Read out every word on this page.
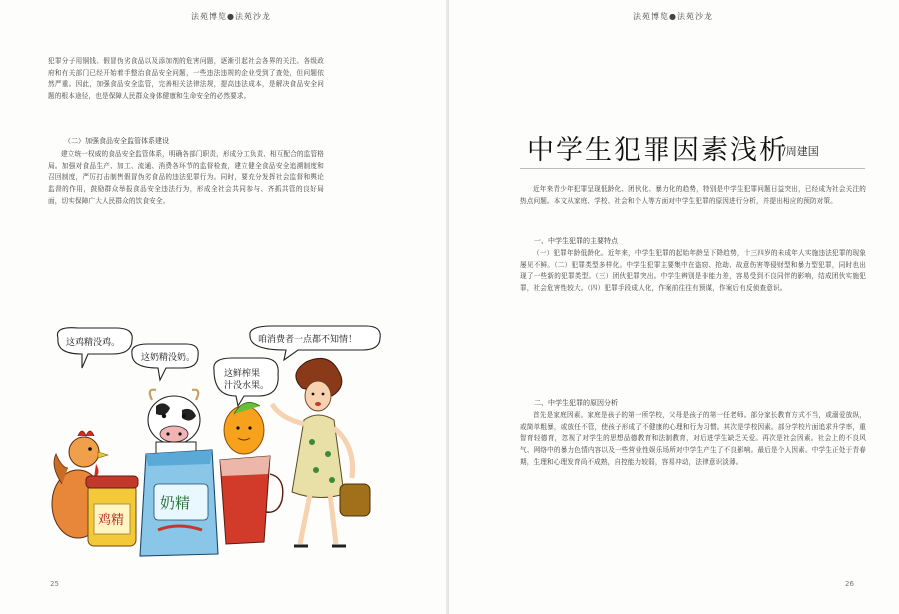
法苑博览●法苑沙龙
犯罪分子用铜钱、假冒伪劣食品以及添加剂的危害问题，逐渐引起社会各界的关注。各级政府和有关部门已经开始着手整治食品安全问题，一些违法违规的企业受到了查处，但问题依然严重。因此，加强食品安全监管，完善相关法律法规，提高违法成本，是解决食品安全问题的根本途径，也是保障人民群众身体健康和生命安全的必然要求。
（二）加强食品安全监管体系建设
建立统一权威的食品安全监管体系，明确各部门职责，形成分工负责、相互配合的监管格局。加强对食品生产、加工、流通、消费各环节的监督检查，建立健全食品安全追溯制度和召回制度，严厉打击制售假冒伪劣食品的违法犯罪行为。同时，要充分发挥社会监督和舆论监督的作用，鼓励群众举报食品安全违法行为，形成全社会共同参与、齐抓共管的良好局面，切实保障广大人民群众的饮食安全。
这鸡精没鸡。
这奶精没奶。
这鲜榨果
汁没水果。
咱消费者一点都不知情！
鸡精
奶精
25
法苑博览●法苑沙龙
26
中学生犯罪因素浅析
/周建国
近年来青少年犯罪呈现低龄化、团伙化、暴力化的趋势，特别是中学生犯罪问题日益突出，已经成为社会关注的热点问题。本文从家庭、学校、社会和个人等方面对中学生犯罪的原因进行分析，并提出相应的预防对策。
一、中学生犯罪的主要特点
（一）犯罪年龄低龄化。近年来，中学生犯罪的起始年龄呈下降趋势，十三四岁的未成年人实施违法犯罪的现象屡见不鲜。（二）犯罪类型多样化。中学生犯罪主要集中在盗窃、抢劫、故意伤害等侵财型和暴力型犯罪，同时也出现了一些新的犯罪类型。（三）团伙犯罪突出。中学生辨别是非能力差，容易受到不良同伴的影响，结成团伙实施犯罪，社会危害性较大。（四）犯罪手段成人化，作案前往往有预谋，作案后有反侦查意识。
二、中学生犯罪的原因分析
首先是家庭因素。家庭是孩子的第一所学校，父母是孩子的第一任老师。部分家长教育方式不当，或溺爱放纵，或简单粗暴，或放任不管，使孩子形成了不健康的心理和行为习惯。其次是学校因素。部分学校片面追求升学率，重智育轻德育，忽视了对学生的思想品德教育和法制教育，对后进学生缺乏关爱。再次是社会因素。社会上的不良风气、网络中的暴力色情内容以及一些营业性娱乐场所对中学生产生了不良影响。最后是个人因素。中学生正处于青春期，生理和心理发育尚不成熟，自控能力较弱，容易冲动，法律意识淡薄。
